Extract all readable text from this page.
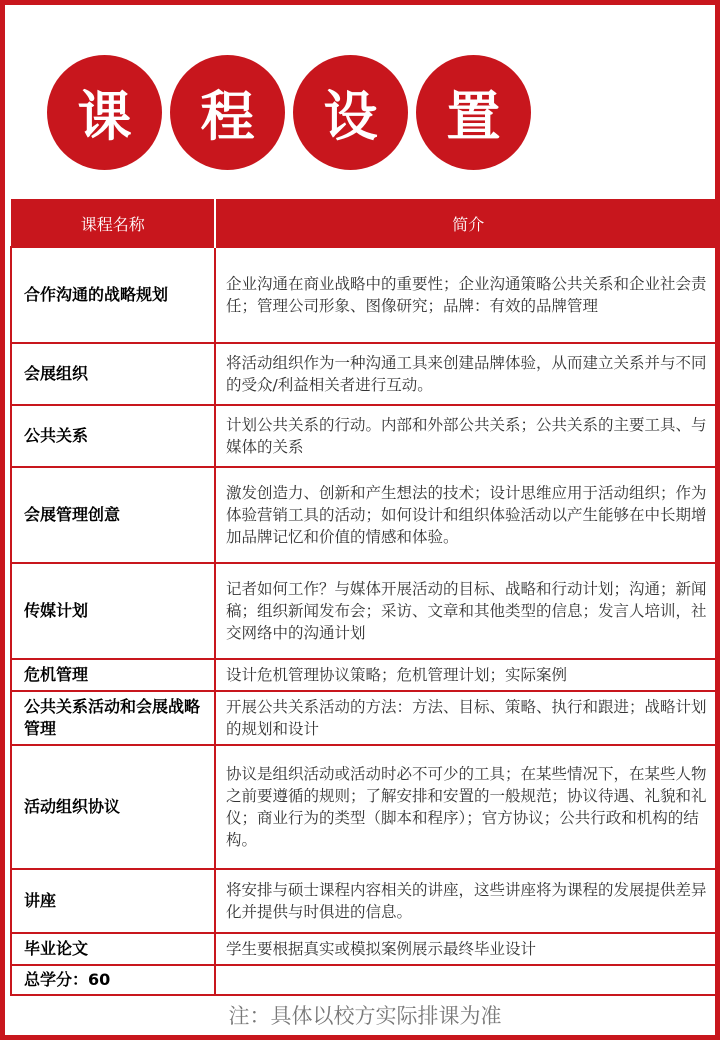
课	程	设	置
课程名称	简介
合作沟通的战略规划	企业沟通在商业战略中的重要性；企业沟通策略公共关系和企业社会责任；管理公司形象、图像研究；品牌：有效的品牌管理
会展组织	将活动组织作为一种沟通工具来创建品牌体验，从而建立关系并与不同的受众/利益相关者进行互动。
公共关系	计划公共关系的行动。内部和外部公共关系；公共关系的主要工具、与媒体的关系
会展管理创意	激发创造力、创新和产生想法的技术；设计思维应用于活动组织；作为体验营销工具的活动；如何设计和组织体验活动以产生能够在中长期增加品牌记忆和价值的情感和体验。
传媒计划	记者如何工作？与媒体开展活动的目标、战略和行动计划；沟通；新闻稿；组织新闻发布会；采访、文章和其他类型的信息；发言人培训，社交网络中的沟通计划
危机管理	设计危机管理协议策略；危机管理计划；实际案例
公共关系活动和会展战略管理	开展公共关系活动的方法：方法、目标、策略、执行和跟进；战略计划的规划和设计
活动组织协议	协议是组织活动或活动时必不可少的工具；在某些情况下，在某些人物之前要遵循的规则；了解安排和安置的一般规范；协议待遇、礼貌和礼仪；商业行为的类型（脚本和程序）；官方协议；公共行政和机构的结构。
讲座	将安排与硕士课程内容相关的讲座，这些讲座将为课程的发展提供差异化并提供与时俱进的信息。
毕业论文	学生要根据真实或模拟案例展示最终毕业设计
总学分：60	
注：具体以校方实际排课为准
